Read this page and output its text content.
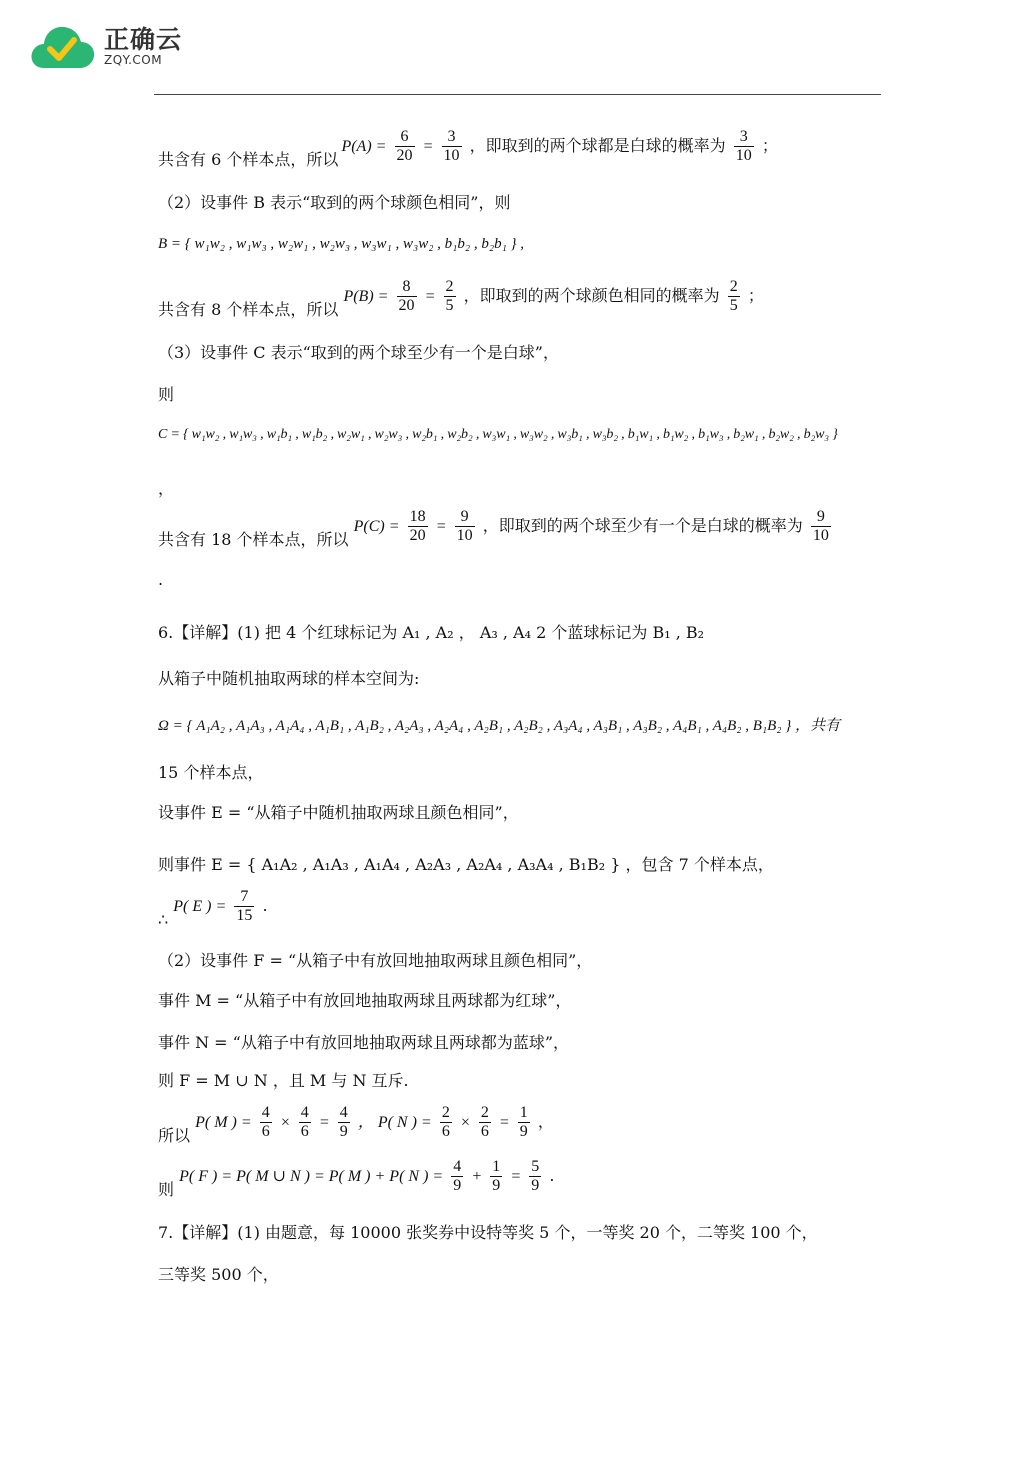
正确云
ZQY.COM
共含有 6 个样本点，所以 $P(A) = \frac{6}{20} = \frac{3}{10}$ ，即取到的两个球都是白球的概率为 $\frac{3}{10}$ ；
（2）设事件 B 表示“取到的两个球颜色相同”，则
B = { w₁w₂ , w₁w₃ , w₂w₁ , w₂w₃ , w₃w₁ , w₃w₂ , b₁b₂ , b₂b₁ } ,
共含有 8 个样本点，所以 $P(B) = \frac{8}{20} = \frac{2}{5}$ ，即取到的两个球颜色相同的概率为 $\frac{2}{5}$ ；
（3）设事件 C 表示“取到的两个球至少有一个是白球”，
则
C = { w₁w₂ , w₁w₃ , w₁b₁ , w₁b₂ , w₂w₁ , w₂w₃ , w₂b₁ , w₂b₂ , w₃w₁ , w₃w₂ , w₃b₁ , w₃b₂ , b₁w₁ , b₁w₂ , b₁w₃ , b₂w₁ , b₂w₂ , b₂w₃ }
，
共含有 18 个样本点，所以 $P(C) = \frac{18}{20} = \frac{9}{10}$ ，即取到的两个球至少有一个是白球的概率为 $\frac{9}{10}$
.
6.【详解】(1) 把 4 个红球标记为 A₁ , A₂ ， A₃ , A₄ 2 个蓝球标记为 B₁ , B₂
从箱子中随机抽取两球的样本空间为:
Ω = { A₁A₂ , A₁A₃ , A₁A₄ , A₁B₁ , A₁B₂ , A₂A₃ , A₂A₄ , A₂B₁ , A₂B₂ , A₃A₄ , A₃B₁ , A₃B₂ , A₄B₁ , A₄B₂ , B₁B₂ } ，共有
15 个样本点，
设事件 E = “从箱子中随机抽取两球且颜色相同”，
则事件 E = { A₁A₂ , A₁A₃ , A₁A₄ , A₂A₃ , A₂A₄ , A₃A₄ , B₁B₂ } ，包含 7 个样本点，
∴ P( E ) = $\frac{7}{15}$ .
（2）设事件 F = “从箱子中有放回地抽取两球且颜色相同”，
事件 M = “从箱子中有放回地抽取两球且两球都为红球”，
事件 N = “从箱子中有放回地抽取两球且两球都为蓝球”，
则 F = M ∪ N ，且 M 与 N 互斥.
所以 P( M ) = $\frac{4}{6} \times \frac{4}{6} = \frac{4}{9}$ ， P( N ) = $\frac{2}{6} \times \frac{2}{6} = \frac{1}{9}$ ，
则 P( F ) = P( M ∪ N ) = P( M ) + P( N ) = $\frac{4}{9} + \frac{1}{9} = \frac{5}{9}$ .
7.【详解】(1) 由题意，每 10000 张奖券中设特等奖 5 个，一等奖 20 个，二等奖 100 个，
三等奖 500 个，
